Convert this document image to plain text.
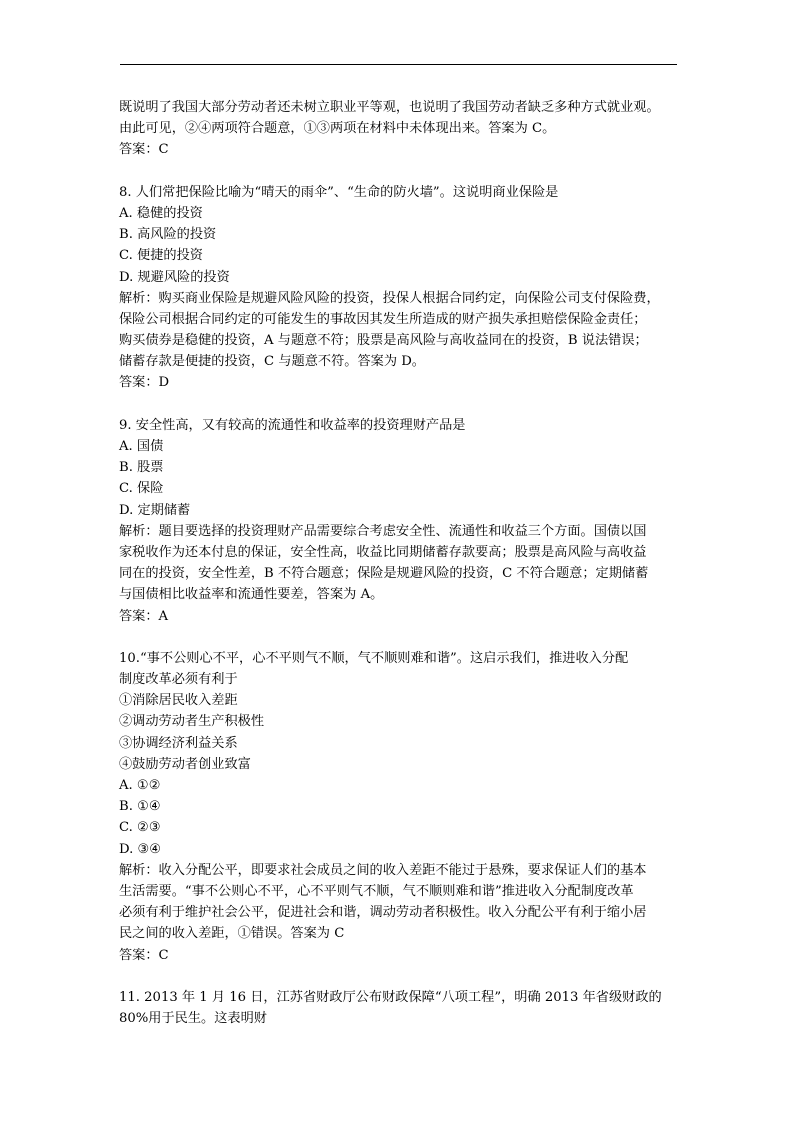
既说明了我国大部分劳动者还未树立职业平等观，也说明了我国劳动者缺乏多种方式就业观。
由此可见，②④两项符合题意，①③两项在材料中未体现出来。答案为 C。
答案：C
8. 人们常把保险比喻为“晴天的雨伞”、“生命的防火墙”。这说明商业保险是
A. 稳健的投资
B. 高风险的投资
C. 便捷的投资
D. 规避风险的投资
解析：购买商业保险是规避风险风险的投资，投保人根据合同约定，向保险公司支付保险费，
保险公司根据合同约定的可能发生的事故因其发生所造成的财产损失承担赔偿保险金责任；
购买债券是稳健的投资，A 与题意不符；股票是高风险与高收益同在的投资，B 说法错误；
储蓄存款是便捷的投资，C 与题意不符。答案为 D。
答案：D
9. 安全性高，又有较高的流通性和收益率的投资理财产品是
A. 国债
B. 股票
C. 保险
D. 定期储蓄
解析：题目要选择的投资理财产品需要综合考虑安全性、流通性和收益三个方面。国债以国
家税收作为还本付息的保证，安全性高，收益比同期储蓄存款要高；股票是高风险与高收益
同在的投资，安全性差，B 不符合题意；保险是规避风险的投资，C 不符合题意；定期储蓄
与国债相比收益率和流通性要差，答案为 A。
答案：A
10.“事不公则心不平，心不平则气不顺，气不顺则难和谐”。这启示我们，推进收入分配
制度改革必须有利于
①消除居民收入差距
②调动劳动者生产积极性
③协调经济利益关系
④鼓励劳动者创业致富
A. ①②
B. ①④
C. ②③
D. ③④
解析：收入分配公平，即要求社会成员之间的收入差距不能过于悬殊，要求保证人们的基本
生活需要。“事不公则心不平，心不平则气不顺，气不顺则难和谐”推进收入分配制度改革
必须有利于维护社会公平，促进社会和谐，调动劳动者积极性。收入分配公平有利于缩小居
民之间的收入差距，①错误。答案为 C
答案：C
11. 2013 年 1 月 16 日，江苏省财政厅公布财政保障“八项工程”，明确 2013 年省级财政的
80%用于民生。这表明财
